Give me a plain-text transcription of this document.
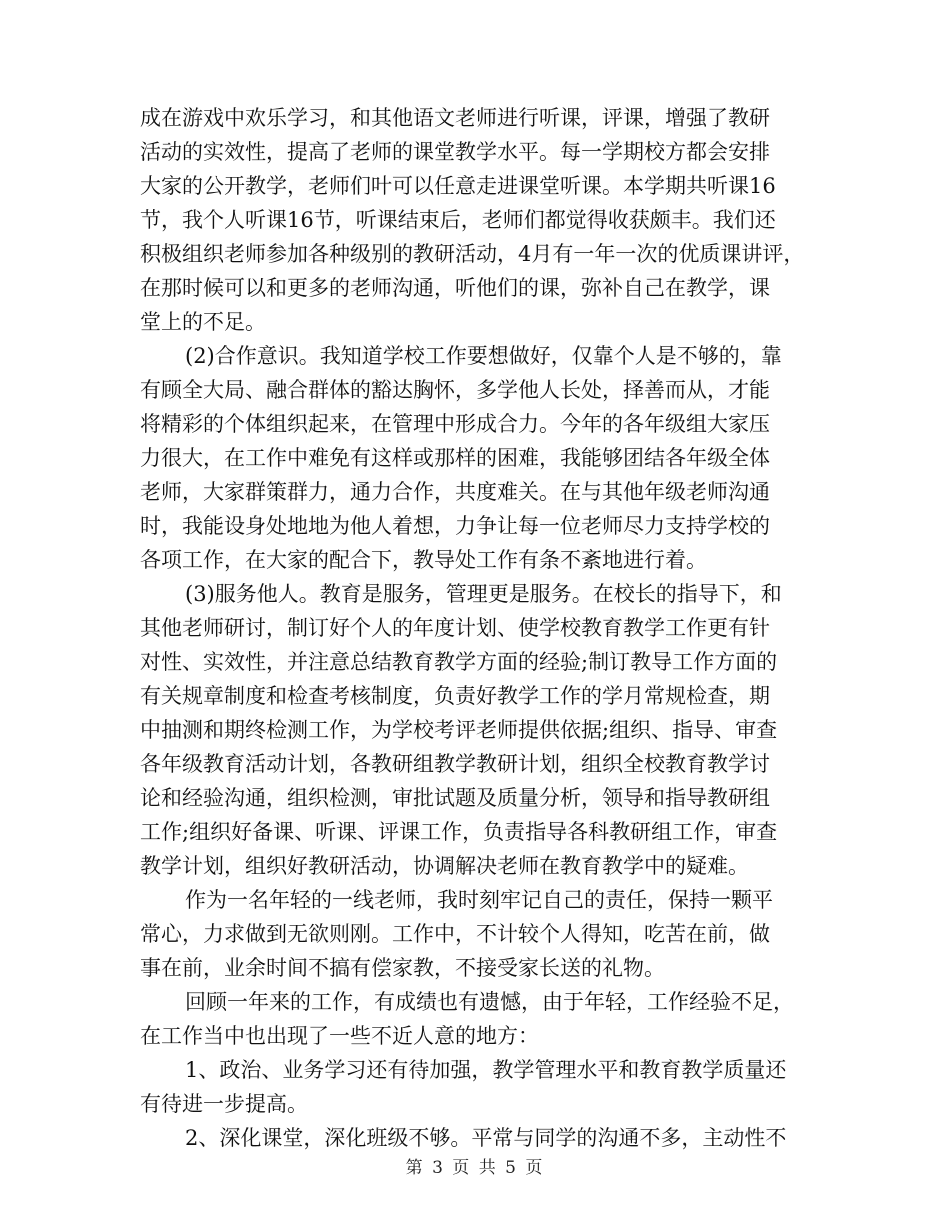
成在游戏中欢乐学习，和其他语文老师进行听课，评课，增强了教研
活动的实效性，提高了老师的课堂教学水平。每一学期校方都会安排
大家的公开教学，老师们叶可以任意走进课堂听课。本学期共听课16
节，我个人听课16节，听课结束后，老师们都觉得收获颇丰。我们还
积极组织老师参加各种级别的教研活动，4月有一年一次的优质课讲评，
在那时候可以和更多的老师沟通，听他们的课，弥补自己在教学，课
堂上的不足。
(2)合作意识。我知道学校工作要想做好，仅靠个人是不够的，靠
有顾全大局、融合群体的豁达胸怀，多学他人长处，择善而从，才能
将精彩的个体组织起来，在管理中形成合力。今年的各年级组大家压
力很大，在工作中难免有这样或那样的困难，我能够团结各年级全体
老师，大家群策群力，通力合作，共度难关。在与其他年级老师沟通
时，我能设身处地地为他人着想，力争让每一位老师尽力支持学校的
各项工作，在大家的配合下，教导处工作有条不紊地进行着。
(3)服务他人。教育是服务，管理更是服务。在校长的指导下，和
其他老师研讨，制订好个人的年度计划、使学校教育教学工作更有针
对性、实效性，并注意总结教育教学方面的经验;制订教导工作方面的
有关规章制度和检查考核制度，负责好教学工作的学月常规检查，期
中抽测和期终检测工作，为学校考评老师提供依据;组织、指导、审查
各年级教育活动计划，各教研组教学教研计划，组织全校教育教学讨
论和经验沟通，组织检测，审批试题及质量分析，领导和指导教研组
工作;组织好备课、听课、评课工作，负责指导各科教研组工作，审查
教学计划，组织好教研活动，协调解决老师在教育教学中的疑难。
作为一名年轻的一线老师，我时刻牢记自己的责任，保持一颗平
常心，力求做到无欲则刚。工作中，不计较个人得知，吃苦在前，做
事在前，业余时间不搞有偿家教，不接受家长送的礼物。
回顾一年来的工作，有成绩也有遗憾，由于年轻，工作经验不足，
在工作当中也出现了一些不近人意的地方：
1、政治、业务学习还有待加强，教学管理水平和教育教学质量还
有待进一步提高。
2、深化课堂，深化班级不够。平常与同学的沟通不多，主动性不
第 3 页 共 5 页
